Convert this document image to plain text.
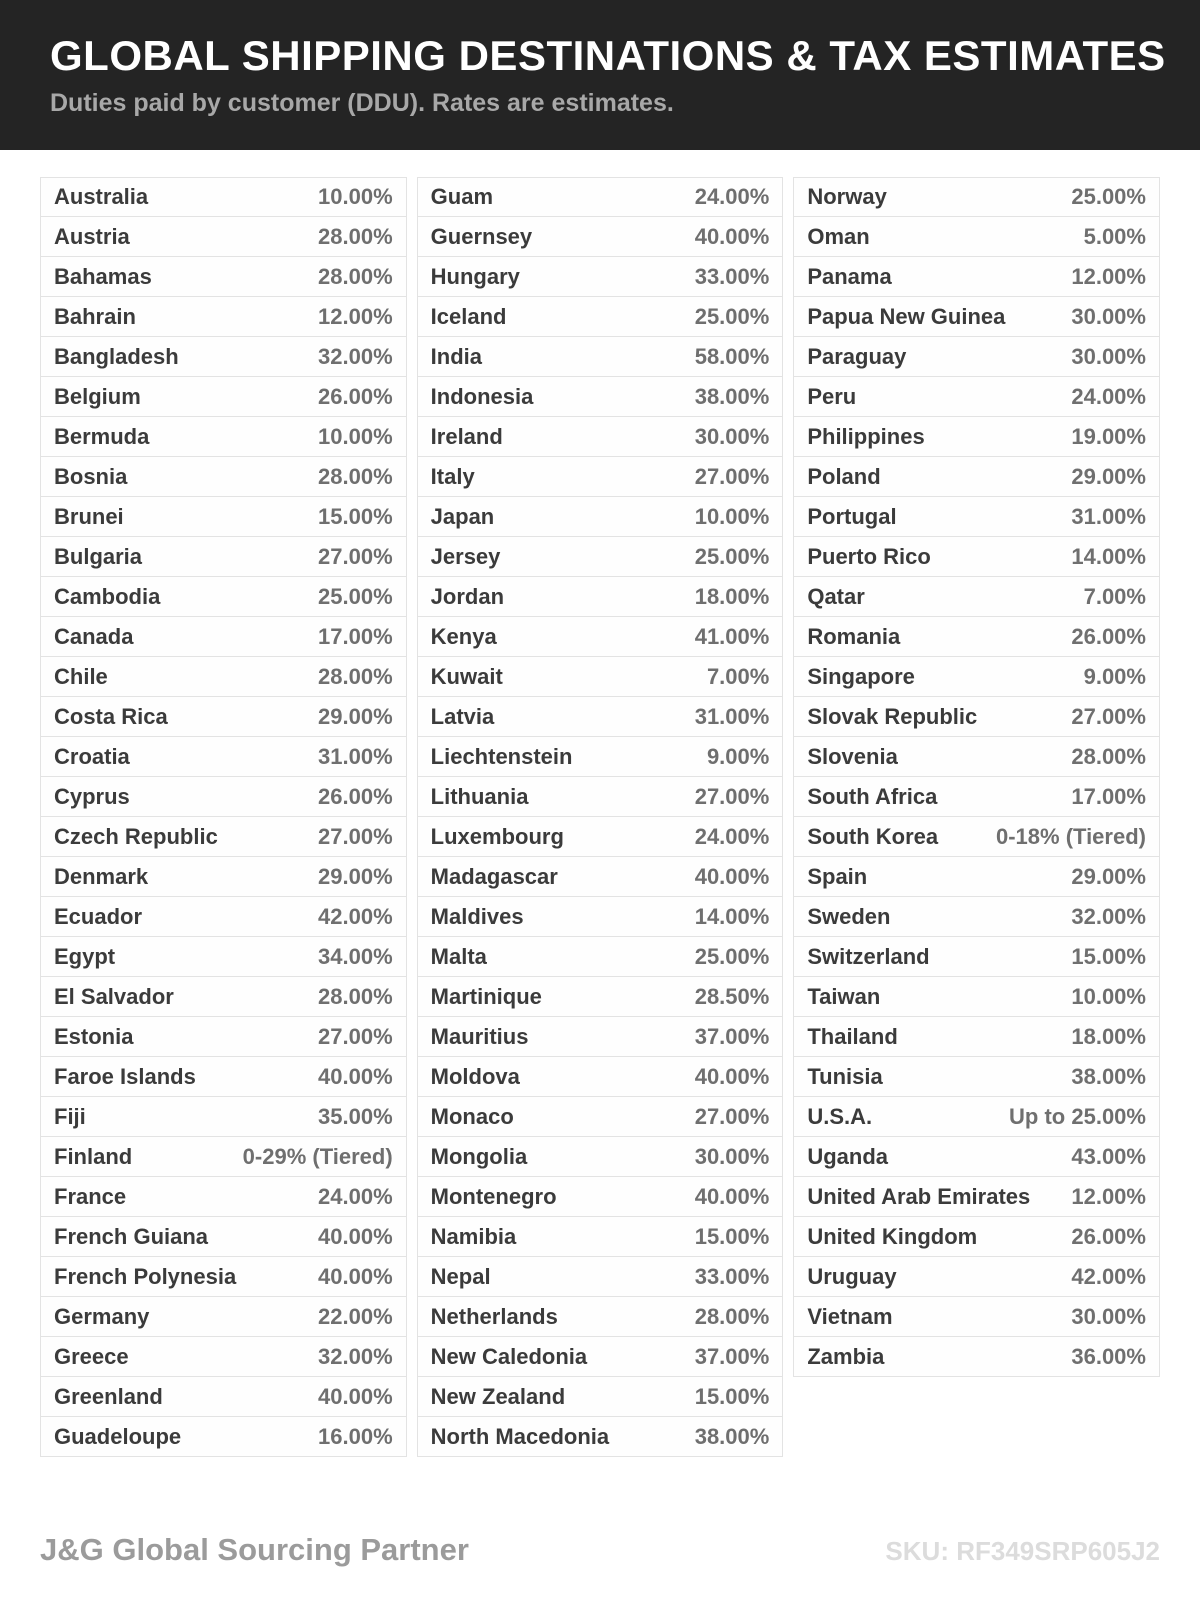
GLOBAL SHIPPING DESTINATIONS & TAX ESTIMATES
Duties paid by customer (DDU). Rates are estimates.
Australia	10.00%
Austria	28.00%
Bahamas	28.00%
Bahrain	12.00%
Bangladesh	32.00%
Belgium	26.00%
Bermuda	10.00%
Bosnia	28.00%
Brunei	15.00%
Bulgaria	27.00%
Cambodia	25.00%
Canada	17.00%
Chile	28.00%
Costa Rica	29.00%
Croatia	31.00%
Cyprus	26.00%
Czech Republic	27.00%
Denmark	29.00%
Ecuador	42.00%
Egypt	34.00%
El Salvador	28.00%
Estonia	27.00%
Faroe Islands	40.00%
Fiji	35.00%
Finland	0-29% (Tiered)
France	24.00%
French Guiana	40.00%
French Polynesia	40.00%
Germany	22.00%
Greece	32.00%
Greenland	40.00%
Guadeloupe	16.00%
Guam	24.00%
Guernsey	40.00%
Hungary	33.00%
Iceland	25.00%
India	58.00%
Indonesia	38.00%
Ireland	30.00%
Italy	27.00%
Japan	10.00%
Jersey	25.00%
Jordan	18.00%
Kenya	41.00%
Kuwait	7.00%
Latvia	31.00%
Liechtenstein	9.00%
Lithuania	27.00%
Luxembourg	24.00%
Madagascar	40.00%
Maldives	14.00%
Malta	25.00%
Martinique	28.50%
Mauritius	37.00%
Moldova	40.00%
Monaco	27.00%
Mongolia	30.00%
Montenegro	40.00%
Namibia	15.00%
Nepal	33.00%
Netherlands	28.00%
New Caledonia	37.00%
New Zealand	15.00%
North Macedonia	38.00%
Norway	25.00%
Oman	5.00%
Panama	12.00%
Papua New Guinea	30.00%
Paraguay	30.00%
Peru	24.00%
Philippines	19.00%
Poland	29.00%
Portugal	31.00%
Puerto Rico	14.00%
Qatar	7.00%
Romania	26.00%
Singapore	9.00%
Slovak Republic	27.00%
Slovenia	28.00%
South Africa	17.00%
South Korea	0-18% (Tiered)
Spain	29.00%
Sweden	32.00%
Switzerland	15.00%
Taiwan	10.00%
Thailand	18.00%
Tunisia	38.00%
U.S.A.	Up to 25.00%
Uganda	43.00%
United Arab Emirates 12.00%
United Kingdom	26.00%
Uruguay	42.00%
Vietnam	30.00%
Zambia	36.00%
J&G Global Sourcing Partner	SKU: RF349SRP605J2
